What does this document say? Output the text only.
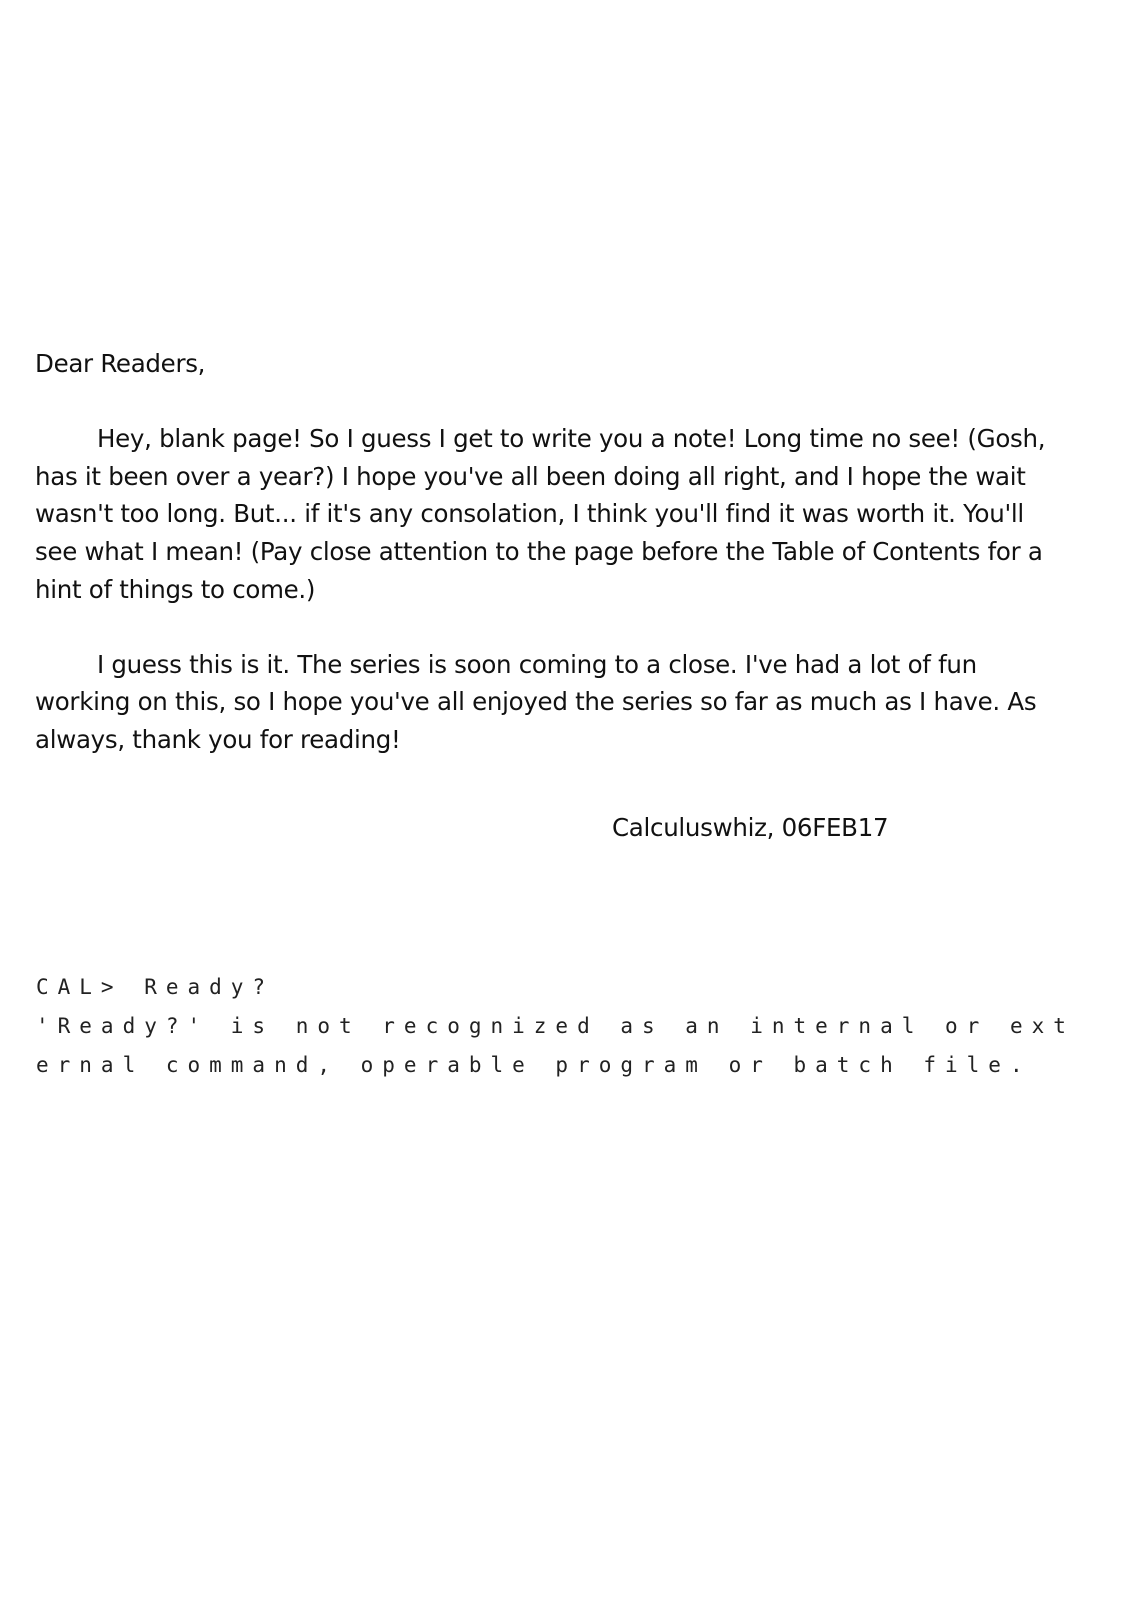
Dear Readers,

Hey, blank page! So I guess I get to write you a note! Long time no see! (Gosh, has it been over a year?) I hope you've all been doing all right, and I hope the wait wasn't too long. But... if it's any consolation, I think you'll find it was worth it. You'll see what I mean! (Pay close attention to the page before the Table of Contents for a hint of things to come.)

I guess this is it. The series is soon coming to a close. I've had a lot of fun working on this, so I hope you've all enjoyed the series so far as much as I have. As always, thank you for reading!

Calculuswhiz, 06FEB17
CAL> Ready?
'Ready?' is not recognized as an internal or external command, operable program or batch file.
